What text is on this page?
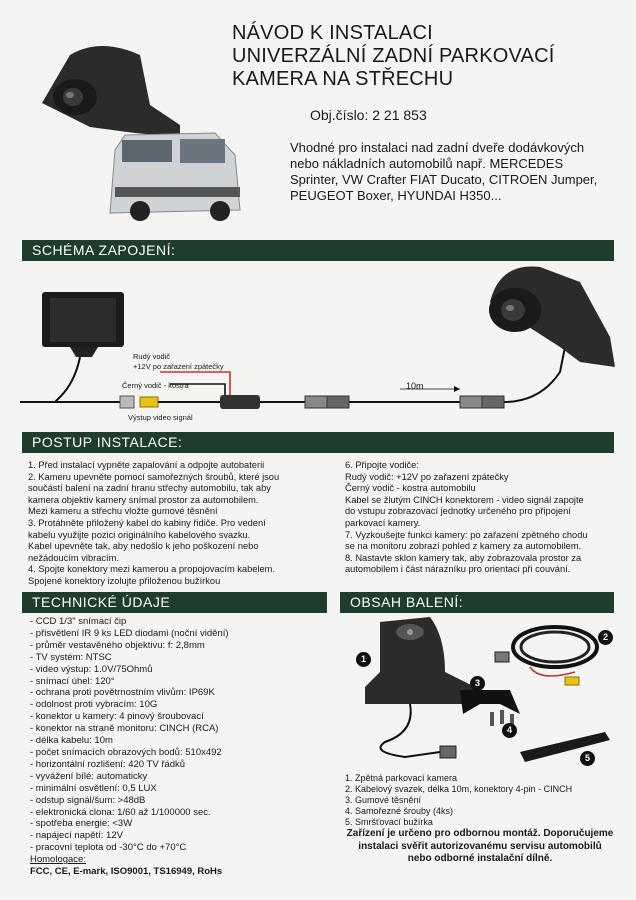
NÁVOD K INSTALACI
UNIVERZÁLNÍ ZADNÍ PARKOVACÍ
KAMERA NA STŘECHU
Obj.číslo: 2 21 853
Vhodné pro instalaci nad zadní dveře dodávkových nebo nákladních automobilů např. MERCEDES Sprinter, VW Crafter FIAT Ducato, CITROEN Jumper, PEUGEOT Boxer, HYUNDAI H350...
SCHÉMA ZAPOJENÍ:
Rudý vodič
+12V po zařazení zpátečky
Černý vodič - kostra
Výstup video signál
10m
POSTUP INSTALACE:
1. Před instalací vypněte zapalování a odpojte autobaterii
2. Kameru upevněte pomocí samořezných šroubů, které jsou
součástí balení na zadní hranu střechy automobilu, tak aby
kamera objektiv kamery snímal prostor za automobilem.
Mezi kameru a střechu vložte gumové těsnění
3. Protáhněte přiložený kabel do kabiny řidiče. Pro vedení
kabelu využijte pozici originálního kabelového svazku.
Kabel upevněte tak, aby nedošlo k jeho poškození nebo
nežádoucím vibracím.
4. Spojte konektory mezi kamerou a propojovacím kabelem.
Spojené konektory izolujte přiloženou bužírkou
6. Připojte vodiče:
Rudý vodič: +12V po zařazení zpátečky
Černý vodič - kostra automobilu
Kabel se žlutým CINCH konektorem - video signál zapojte
do vstupu zobrazovací jednotky určeného pro připojení
parkovací kamery.
7. Vyzkoušejte funkci kamery: po zařazení zpětného chodu
se na monitoru zobrazí pohled z kamery za automobilem.
8. Nastavte sklon kamery tak, aby zobrazovala prostor za
automobilem i část nárazníku pro orientaci při couvání.
TECHNICKÉ ÚDAJE
- CCD 1/3" snímací čip
- přisvětlení IR 9 ks LED diodami (noční vidění)
- průměr vestavěného objektivu: f: 2,8mm
- TV systém: NTSC
- video výstup: 1.0V/75Ohmů
- snímací úhel: 120°
- ochrana proti povětrnostním vlivům: IP69K
- odolnost proti vybracím: 10G
- konektor u kamery: 4 pinový šroubovací
- konektor na straně monitoru: CINCH (RCA)
- délka kabelu: 10m
- počet snímacích obrazových bodů: 510x492
- horizontální rozlišení: 420 TV řádků
- vyvážení bílé: automaticky
- minimální osvětlení: 0,5 LUX
- odstup signál/šum: >48dB
- elektronická clona: 1/60 až 1/100000 sec.
- spotřeba energie: <3W
- napájecí napětí: 12V
- pracovní teplota od -30°C do +70°C
Homologace:
FCC, CE, E-mark, ISO9001, TS16949, RoHs
OBSAH BALENÍ:
1
2
3
4
5
1. Zpětná parkovací kamera
2. Kabelový svazek, délka 10m, konektory 4-pin - CINCH
3. Gumové těsnění
4. Samořezné šrouby (4ks)
5. Smršťovací bužírka
Zařízení je určeno pro odbornou montáž. Doporučujeme instalaci svěřit autorizovanému servisu automobilů nebo odborné instalační dílně.
